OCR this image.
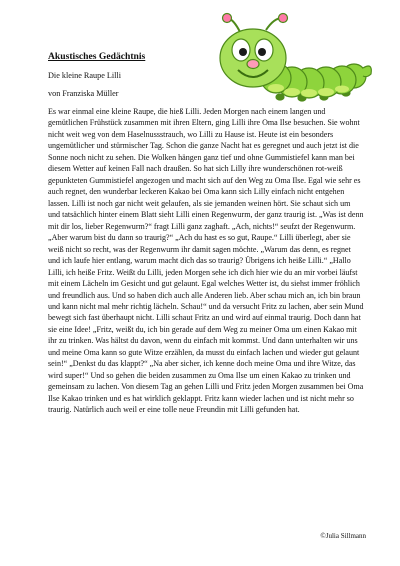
Akustisches Gedächtnis

Die kleine Raupe Lilli

von Franziska Müller

Es war einmal eine kleine Raupe, die hieß Lilli. Jeden Morgen nach einem langen und gemütlichen Frühstück zusammen mit ihren Eltern, ging Lilli ihre Oma Ilse besuchen. Sie wohnt nicht weit weg von dem Haselnussstrauch, wo Lilli zu Hause ist. Heute ist ein besonders ungemütlicher und stürmischer Tag. Schon die ganze Nacht hat es geregnet und auch jetzt ist die Sonne noch nicht zu sehen. Die Wolken hängen ganz tief und ohne Gummistiefel kann man bei diesem Wetter auf keinen Fall nach draußen. So hat sich Lilly ihre wunderschönen rot-weiß gepunkteten Gummistiefel angezogen und macht sich auf den Weg zu Oma Ilse. Egal wie sehr es auch regnet, den wunderbar leckeren Kakao bei Oma kann sich Lilly einfach nicht entgehen lassen. Lilli ist noch gar nicht weit gelaufen, als sie jemanden weinen hört. Sie schaut sich um und tatsächlich hinter einem Blatt sieht Lilli einen Regenwurm, der ganz traurig ist. „Was ist denn mit dir los, lieber Regenwurm?“ fragt Lilli ganz zaghaft. „Ach, nichts!“ seufzt der Regenwurm. „Aber warum bist du dann so traurig?“ „Ach du hast es so gut, Raupe.“ Lilli überlegt, aber sie weiß nicht so recht, was der Regenwurm ihr damit sagen möchte. „Warum das denn, es regnet und ich laufe hier entlang, warum macht dich das so traurig? Übrigens ich heiße Lilli.“ „Hallo Lilli, ich heiße Fritz. Weißt du Lilli, jeden Morgen sehe ich dich hier wie du an mir vorbei läufst mit einem Lächeln im Gesicht und gut gelaunt. Egal welches Wetter ist, du siehst immer fröhlich und freundlich aus. Und so haben dich auch alle Anderen lieb. Aber schau mich an, ich bin braun und kann nicht mal mehr richtig lächeln. Schau!“ und da versucht Fritz zu lachen, aber sein Mund bewegt sich fast überhaupt nicht. Lilli schaut Fritz an und wird auf einmal traurig. Doch dann hat sie eine Idee! „Fritz, weißt du, ich bin gerade auf dem Weg zu meiner Oma um einen Kakao mit ihr zu trinken. Was hältst du davon, wenn du einfach mit kommst. Und dann unterhalten wir uns und meine Oma kann so gute Witze erzählen, da musst du einfach lachen und wieder gut gelaunt sein!“ „Denkst du das klappt?“ „Na aber sicher, ich kenne doch meine Oma und ihre Witze, das wird super!“ Und so gehen die beiden zusammen zu Oma Ilse um einen Kakao zu trinken und gemeinsam zu lachen. Von diesem Tag an gehen Lilli und Fritz jeden Morgen zusammen bei Oma Ilse Kakao trinken und es hat wirklich geklappt. Fritz kann wieder lachen und ist nicht mehr so traurig. Natürlich auch weil er eine tolle neue Freundin mit Lilli gefunden hat.

©Julia Sillmann
